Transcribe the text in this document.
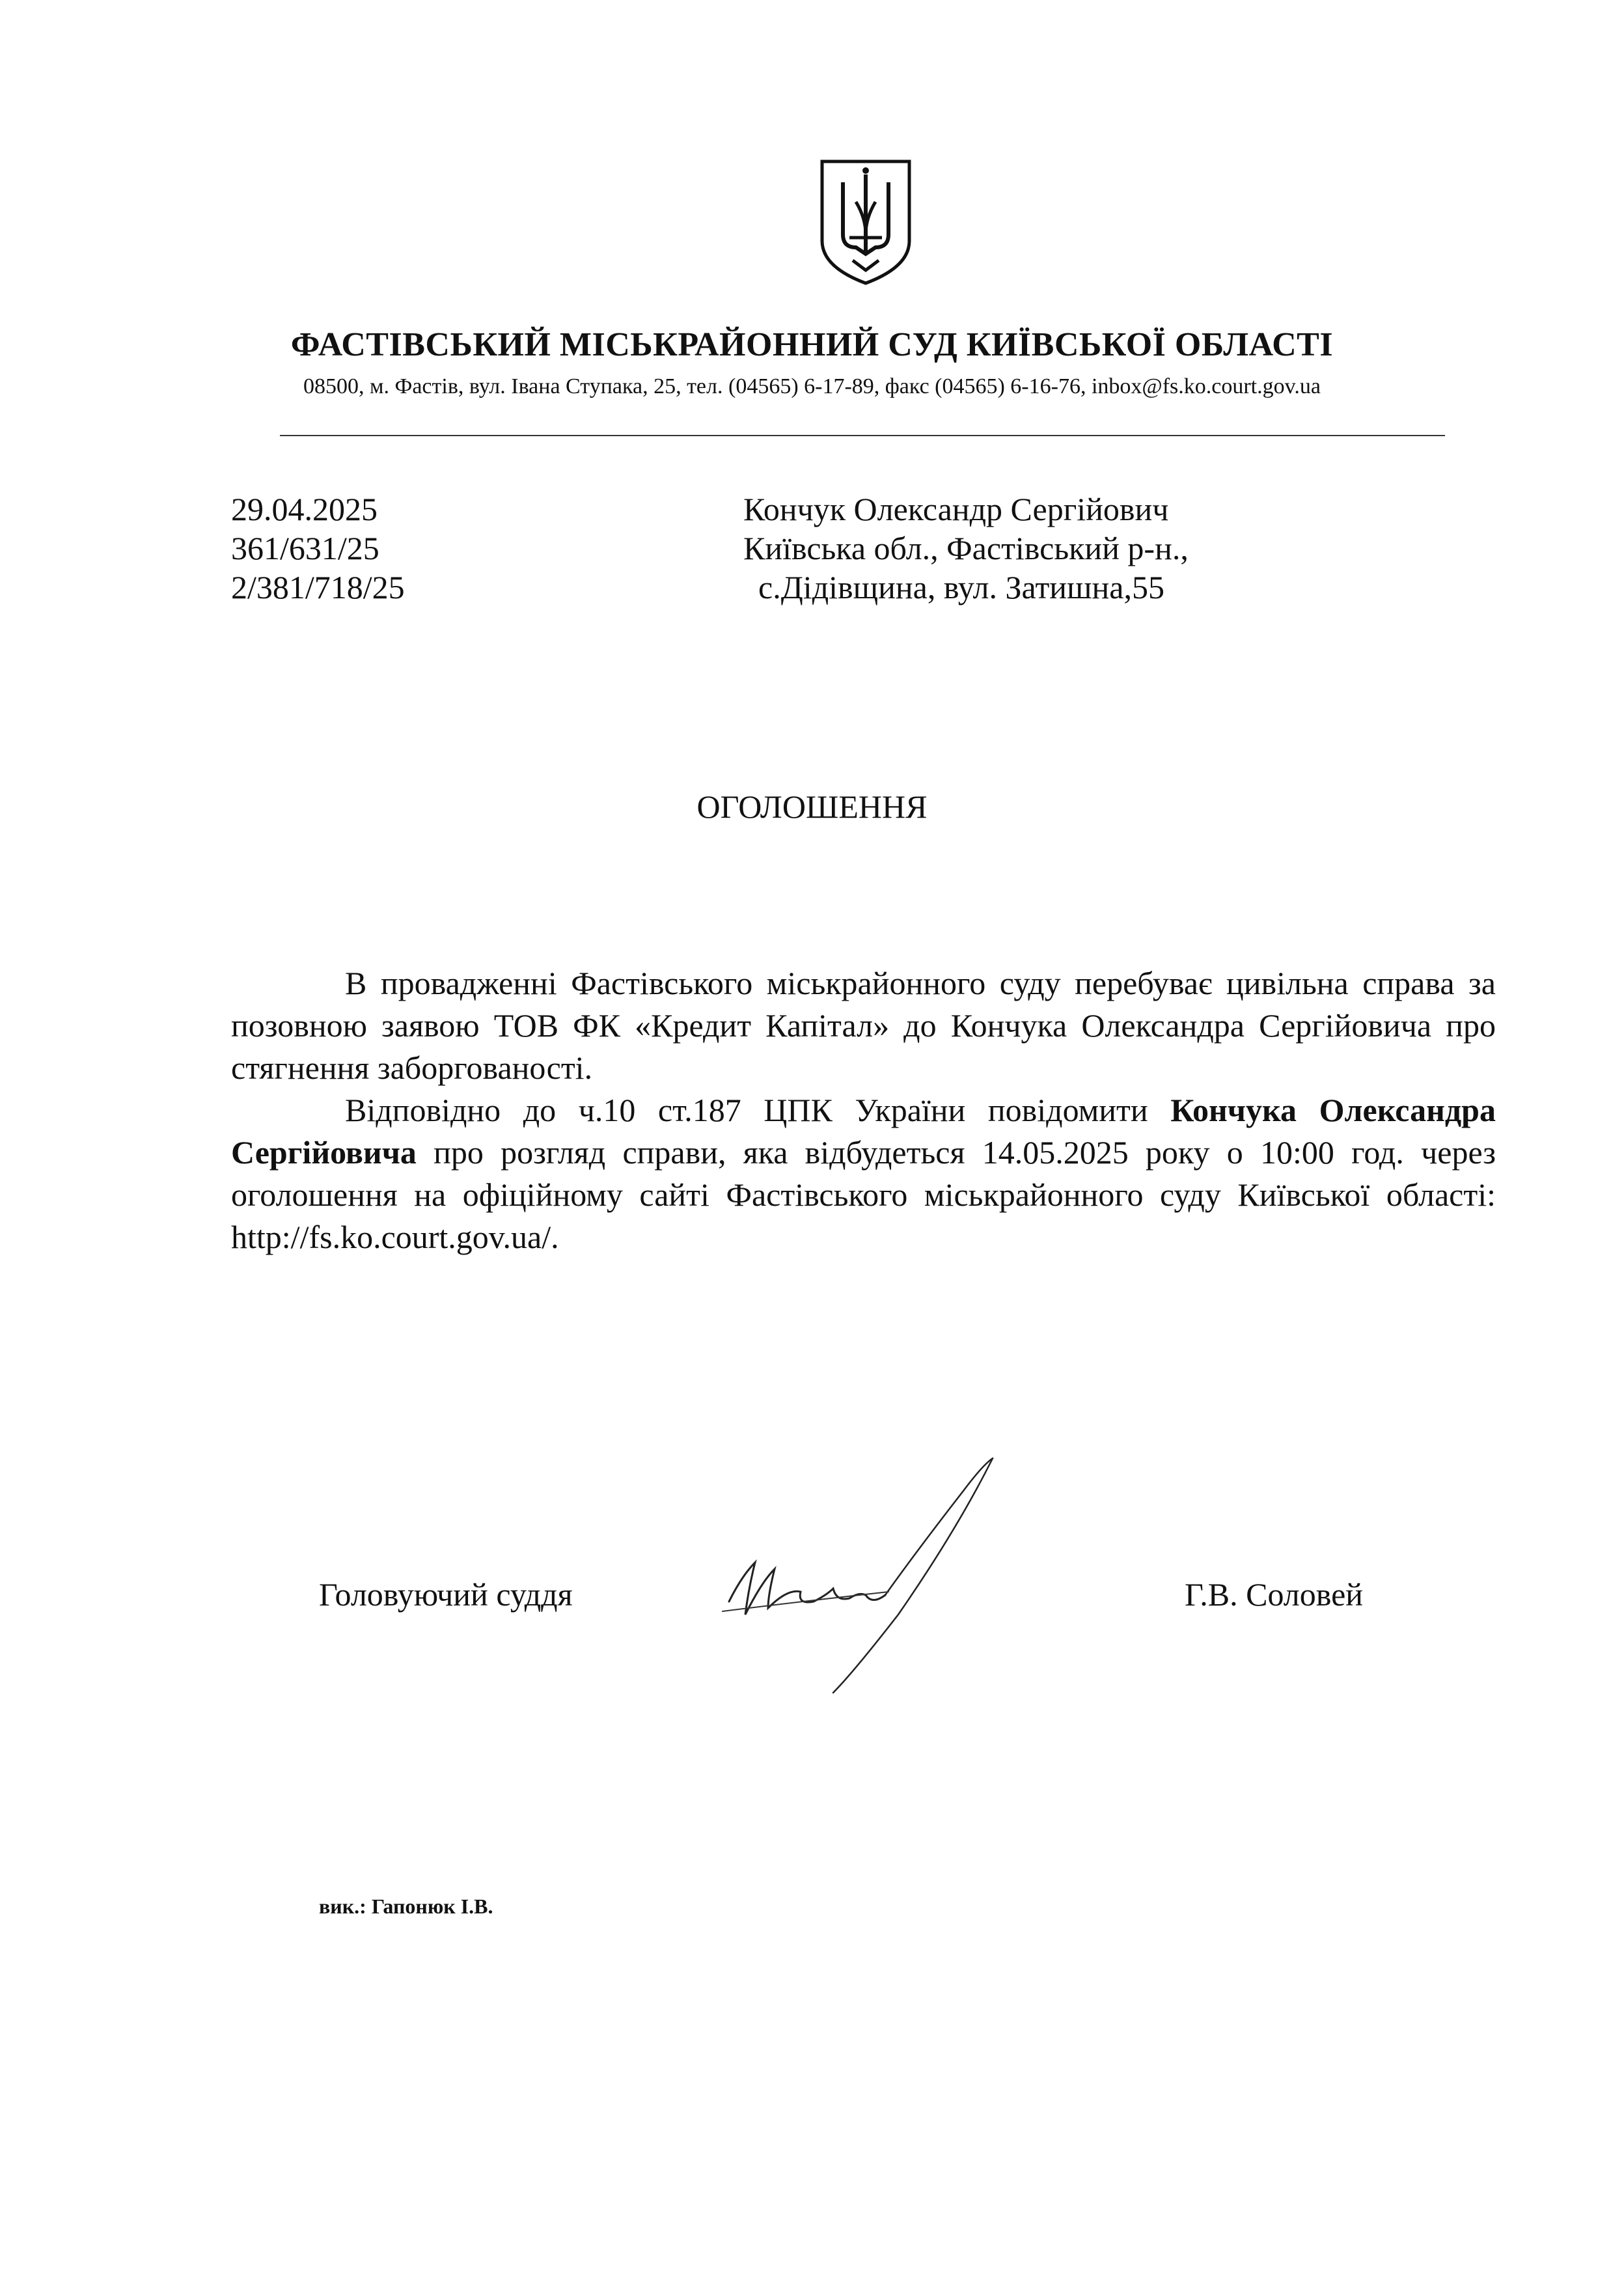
ФАСТІВСЬКИЙ МІСЬКРАЙОННИЙ СУД КИЇВСЬКОЇ ОБЛАСТІ
08500, м. Фастів, вул. Івана Ступака, 25, тел. (04565) 6-17-89, факс (04565) 6-16-76, inbox@fs.ko.court.gov.ua
29.04.2025
361/631/25
2/381/718/25
Кончук Олександр Сергійович
Київська обл., Фастівський р-н.,
с.Дідівщина, вул. Затишна,55
ОГОЛОШЕННЯ

В провадженні Фастівського міськрайонного суду перебуває цивільна справа за позовною заявою ТОВ ФК «Кредит Капітал» до Кончука Олександра Сергійовича про стягнення заборгованості.

Відповідно до ч.10 ст.187 ЦПК України повідомити Кончука Олександра Сергійовича про розгляд справи, яка відбудеться 14.05.2025 року о 10:00 год. через оголошення на офіційному сайті Фастівського міськрайонного суду Київської області: http://fs.ko.court.gov.ua/.

Головуючий суддя	Г.В. Соловей
вик.: Гапонюк І.В.
